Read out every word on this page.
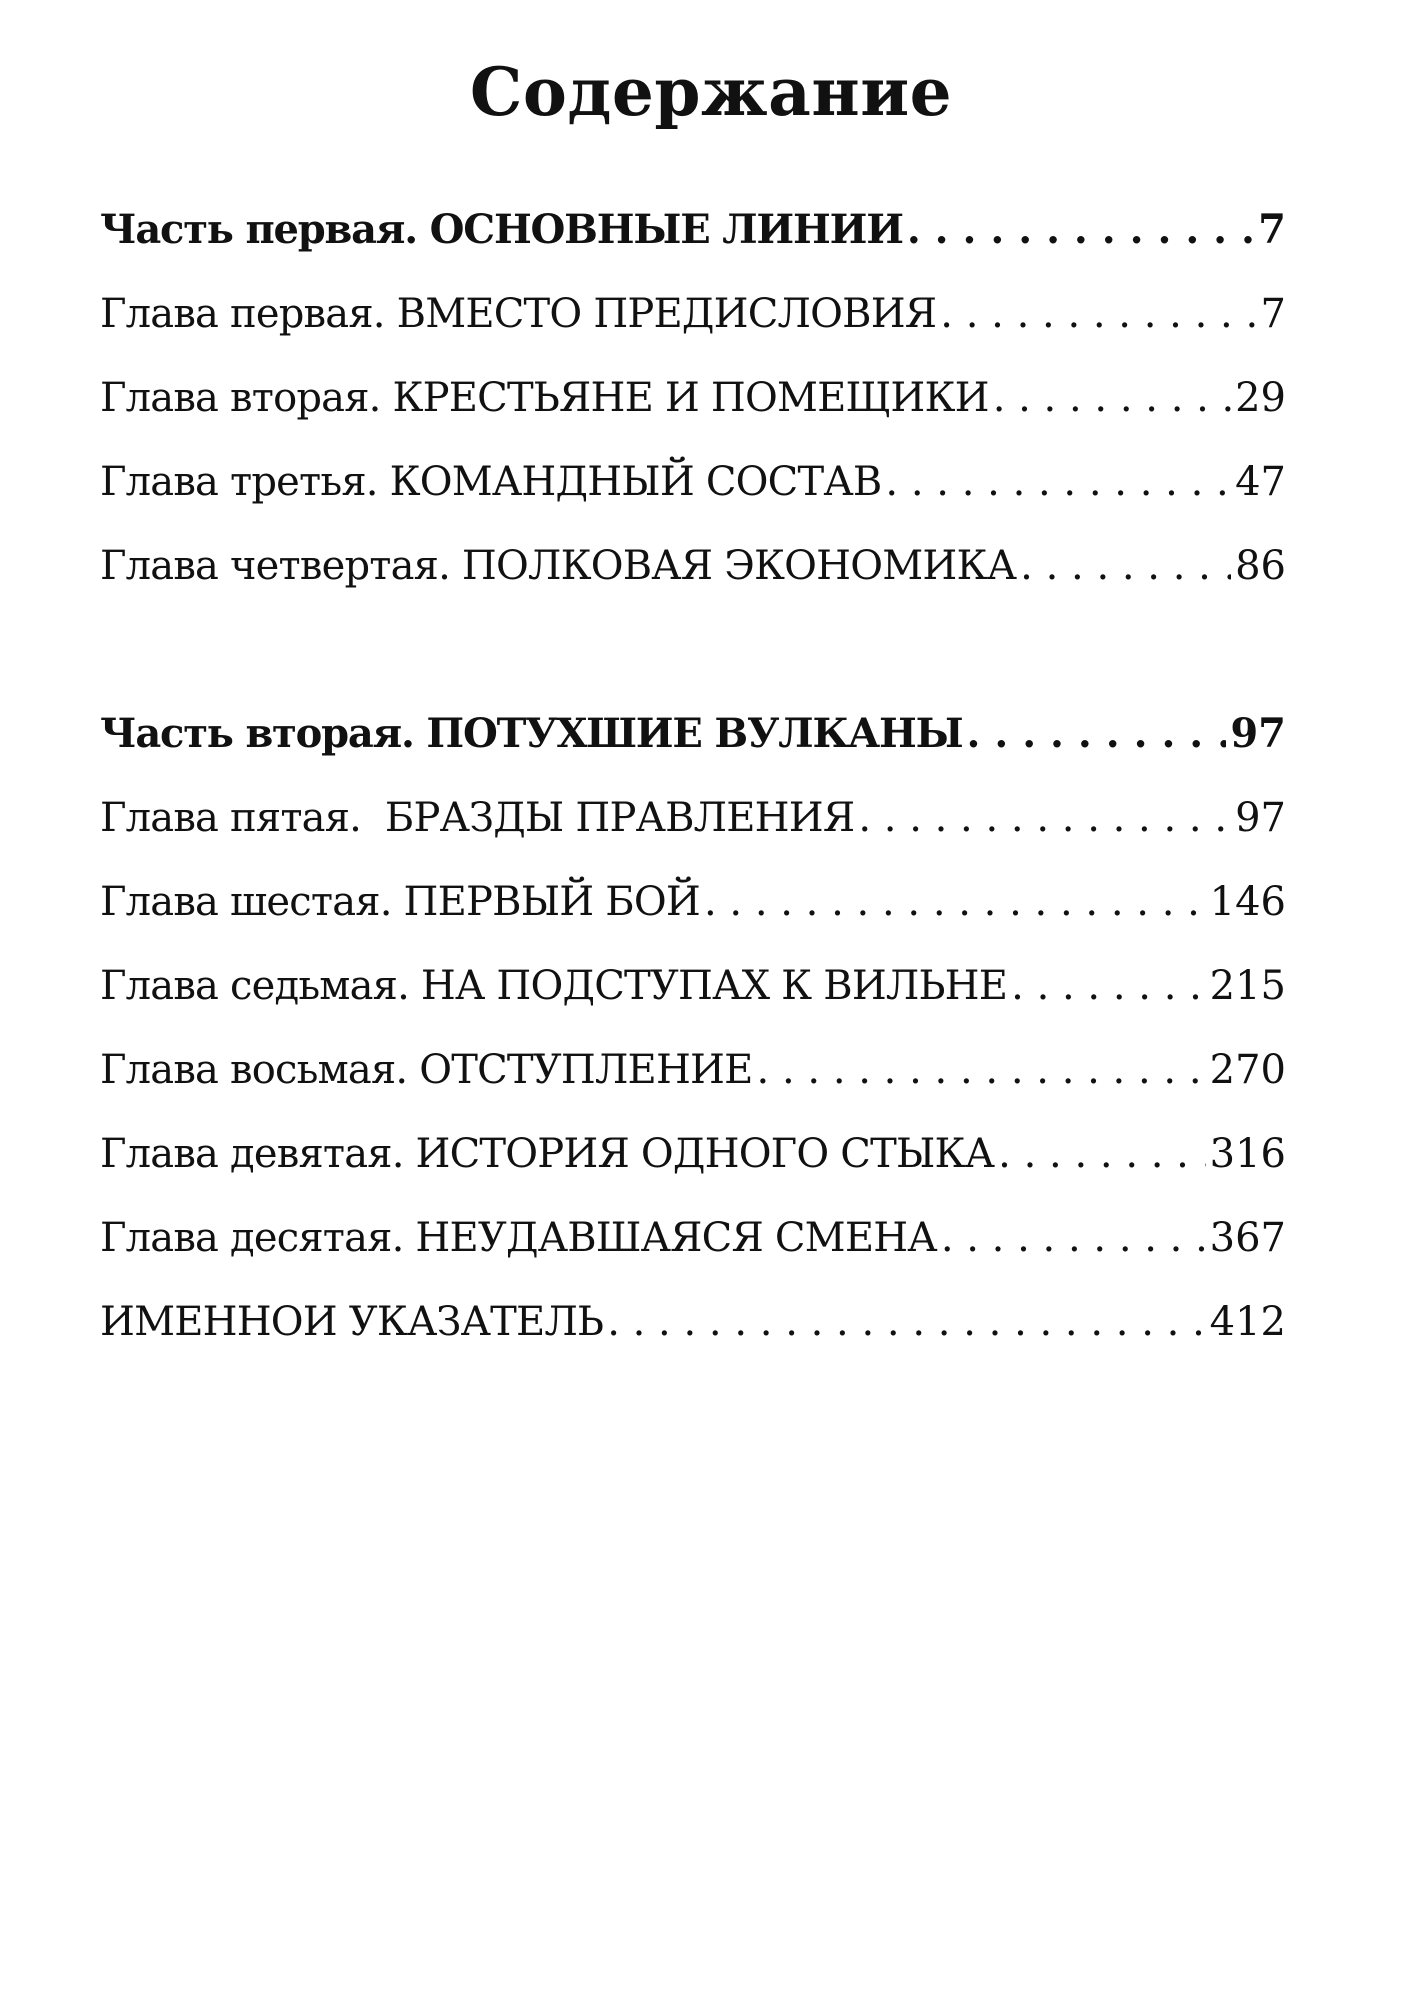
Содержание
Часть первая. ОСНОВНЫЕ ЛИНИИ . . .	7
Глава первая. ВМЕСТО ПРЕДИСЛОВИЯ . . .	7
Глава вторая. КРЕСТЬЯНЕ И ПОМЕЩИКИ . . .	29
Глава третья. КОМАНДНЫЙ СОСТАВ . . .	47
Глава четвертая. ПОЛКОВАЯ ЭКОНОМИКА . . .	86
Часть вторая. ПОТУХШИЕ ВУЛКАНЫ . . .	97
Глава пятая.  БРАЗДЫ ПРАВЛЕНИЯ . . .	97
Глава шестая. ПЕРВЫЙ БОЙ . . .	146
Глава седьмая. НА ПОДСТУПАХ К ВИЛЬНЕ . . .	215
Глава восьмая. ОТСТУПЛЕНИЕ . . .	270
Глава девятая. ИСТОРИЯ ОДНОГО СТЫКА . . .	316
Глава десятая. НЕУДАВШАЯСЯ СМЕНА . . .	367
ИМЕННОИ УКАЗАТЕЛЬ . . .	412
